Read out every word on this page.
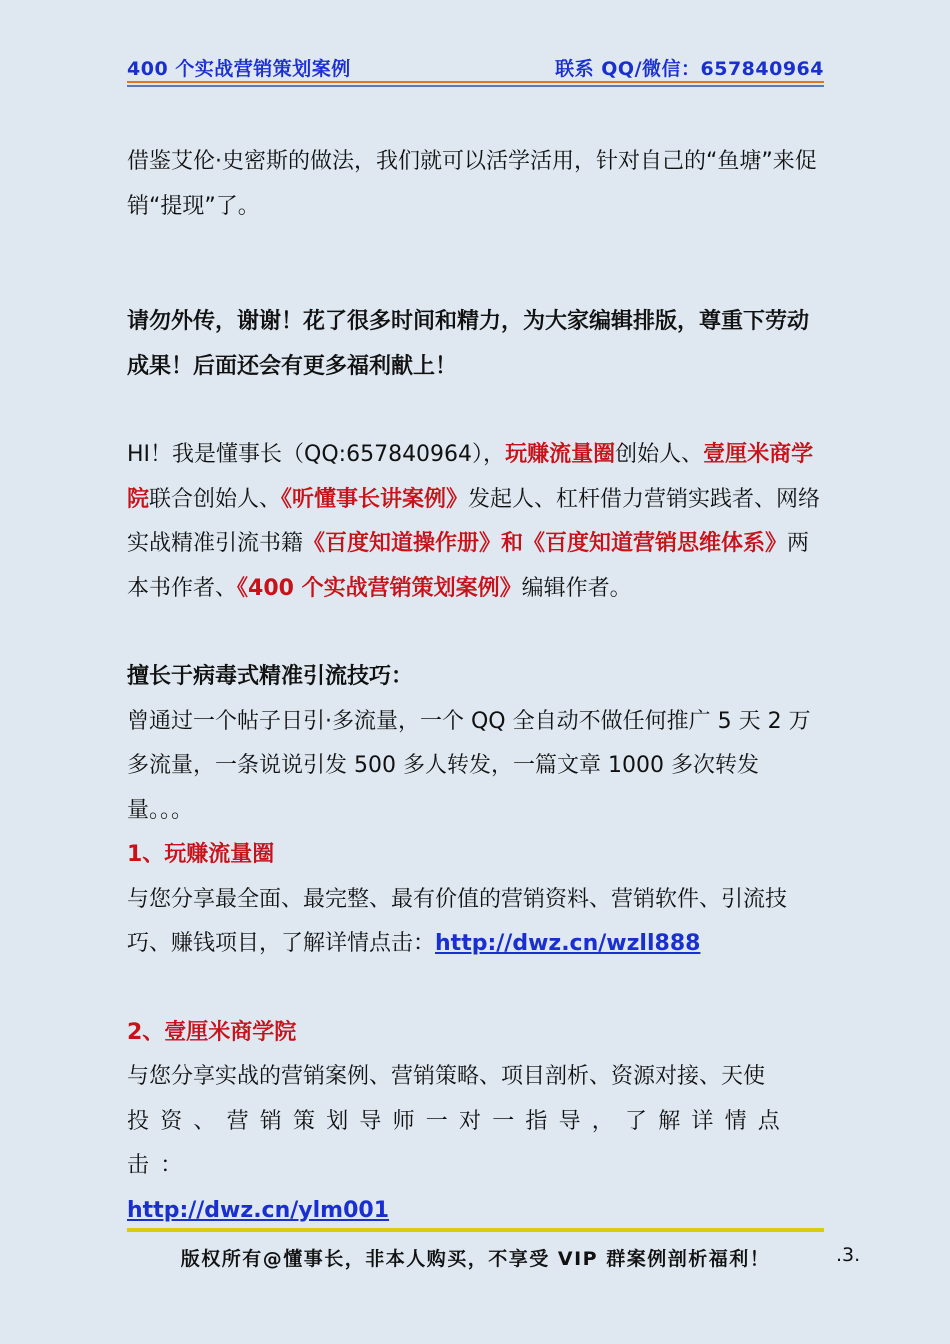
400 个实战营销策划案例	联系 QQ/微信：657840964

借鉴艾伦·史密斯的做法，我们就可以活学活用，针对自己的“鱼塘”来促销“提现”了。

请勿外传，谢谢！花了很多时间和精力，为大家编辑排版，尊重下劳动成果！后面还会有更多福利献上！

HI！我是懂事长（QQ:657840964），玩赚流量圈创始人、壹厘米商学院联合创始人、《听懂事长讲案例》发起人、杠杆借力营销实践者、网络实战精准引流书籍《百度知道操作册》和《百度知道营销思维体系》两本书作者、《400 个实战营销策划案例》编辑作者。

擅长于病毒式精准引流技巧：

曾通过一个帖子日引·多流量，一个 QQ 全自动不做任何推广 5 天 2 万多流量，一条说说引发 500 多人转发，一篇文章 1000 多次转发量。。。

1、玩赚流量圈

与您分享最全面、最完整、最有价值的营销资料、营销软件、引流技巧、赚钱项目，了解详情点击：http://dwz.cn/wzll888

2、壹厘米商学院

与您分享实战的营销案例、营销策略、项目剖析、资源对接、天使

投资、营销策划导师一对一指导，了解详情点击：

http://dwz.cn/ylm001

版权所有@懂事长，非本人购买，不享受 VIP 群案例剖析福利！	.3.
